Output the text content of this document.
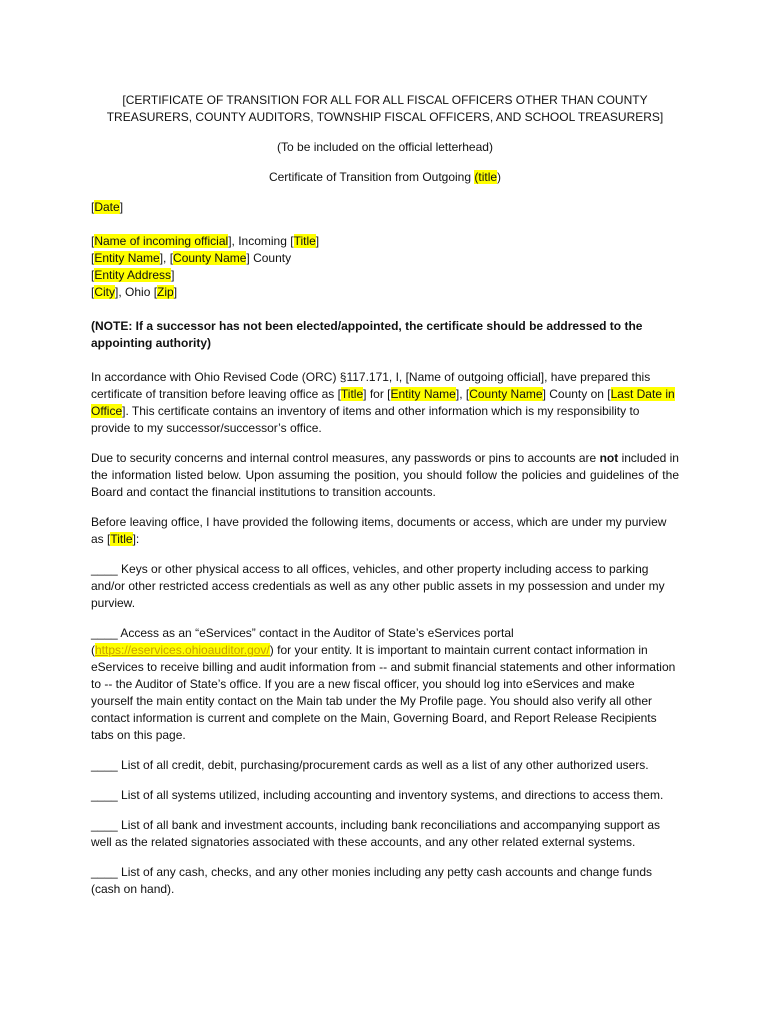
[CERTIFICATE OF TRANSITION FOR ALL FOR ALL FISCAL OFFICERS OTHER THAN COUNTY

TREASURERS, COUNTY AUDITORS, TOWNSHIP FISCAL OFFICERS, AND SCHOOL TREASURERS]

(To be included on the official letterhead)

Certificate of Transition from Outgoing (title)

[Date]

[Name of incoming official], Incoming [Title]

[Entity Name], [County Name] County

[Entity Address]

[City], Ohio [Zip]

(NOTE: If a successor has not been elected/appointed, the certificate should be addressed to the appointing authority)

In accordance with Ohio Revised Code (ORC) §117.171, I, [Name of outgoing official], have prepared this certificate of transition before leaving office as [Title] for [Entity Name], [County Name] County on [Last Date in Office]. This certificate contains an inventory of items and other information which is my responsibility to provide to my successor/successor’s office.

Due to security concerns and internal control measures, any passwords or pins to accounts are not included in the information listed below. Upon assuming the position, you should follow the policies and guidelines of the Board and contact the financial institutions to transition accounts.

Before leaving office, I have provided the following items, documents or access, which are under my purview as [Title]:

____ Keys or other physical access to all offices, vehicles, and other property including access to parking and/or other restricted access credentials as well as any other public assets in my possession and under my purview.

____ Access as an “eServices” contact in the Auditor of State’s eServices portal (https://eservices.ohioauditor.gov/) for your entity. It is important to maintain current contact information in eServices to receive billing and audit information from -- and submit financial statements and other information to -- the Auditor of State’s office. If you are a new fiscal officer, you should log into eServices and make yourself the main entity contact on the Main tab under the My Profile page. You should also verify all other contact information is current and complete on the Main, Governing Board, and Report Release Recipients tabs on this page.

____ List of all credit, debit, purchasing/procurement cards as well as a list of any other authorized users.

____ List of all systems utilized, including accounting and inventory systems, and directions to access them.

____ List of all bank and investment accounts, including bank reconciliations and accompanying support as well as the related signatories associated with these accounts, and any other related external systems.

____ List of any cash, checks, and any other monies including any petty cash accounts and change funds (cash on hand).
